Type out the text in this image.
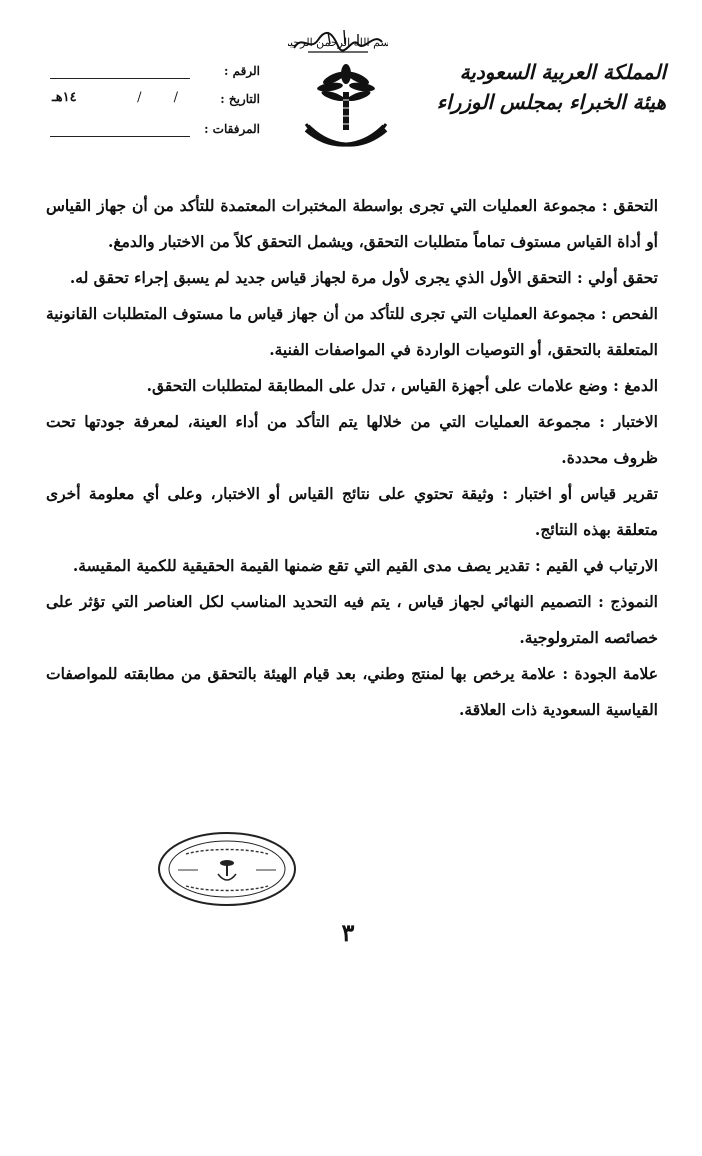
بسم الله الرحمن الرحيم
المملكة العربية السعودية
هيئة الخبراء بمجلس الوزراء
الرقم :
التاريخ :
/ /
١٤هـ
المرفقات :

التحقق : مجموعة العمليات التي تجرى بواسطة المختبرات المعتمدة للتأكد من أن جهاز القياس أو أداة القياس مستوف تماماً متطلبات التحقق، ويشمل التحقق كلاً من الاختبار والدمغ.

تحقق أولي : التحقق الأول الذي يجرى لأول مرة لجهاز قياس جديد لم يسبق إجراء تحقق له.

الفحص : مجموعة العمليات التي تجرى للتأكد من أن جهاز قياس ما مستوف المتطلبات القانونية المتعلقة بالتحقق، أو التوصيات الواردة في المواصفات الفنية.

الدمغ : وضع علامات على أجهزة القياس ، تدل على المطابقة لمتطلبات التحقق.

الاختبار : مجموعة العمليات التي من خلالها يتم التأكد من أداء العينة، لمعرفة جودتها تحت ظروف محددة.

تقرير قياس أو اختبار : وثيقة تحتوي على نتائج القياس أو الاختبار، وعلى أي معلومة أخرى متعلقة بهذه النتائج.

الارتياب في القيم : تقدير يصف مدى القيم التي تقع ضمنها القيمة الحقيقية للكمية المقيسة.

النموذج : التصميم النهائي لجهاز قياس ، يتم فيه التحديد المناسب لكل العناصر التي تؤثر على خصائصه المترولوجية.

علامة الجودة : علامة يرخص بها لمنتج وطني، بعد قيام الهيئة بالتحقق من مطابقته للمواصفات القياسية السعودية ذات العلاقة.

٣
